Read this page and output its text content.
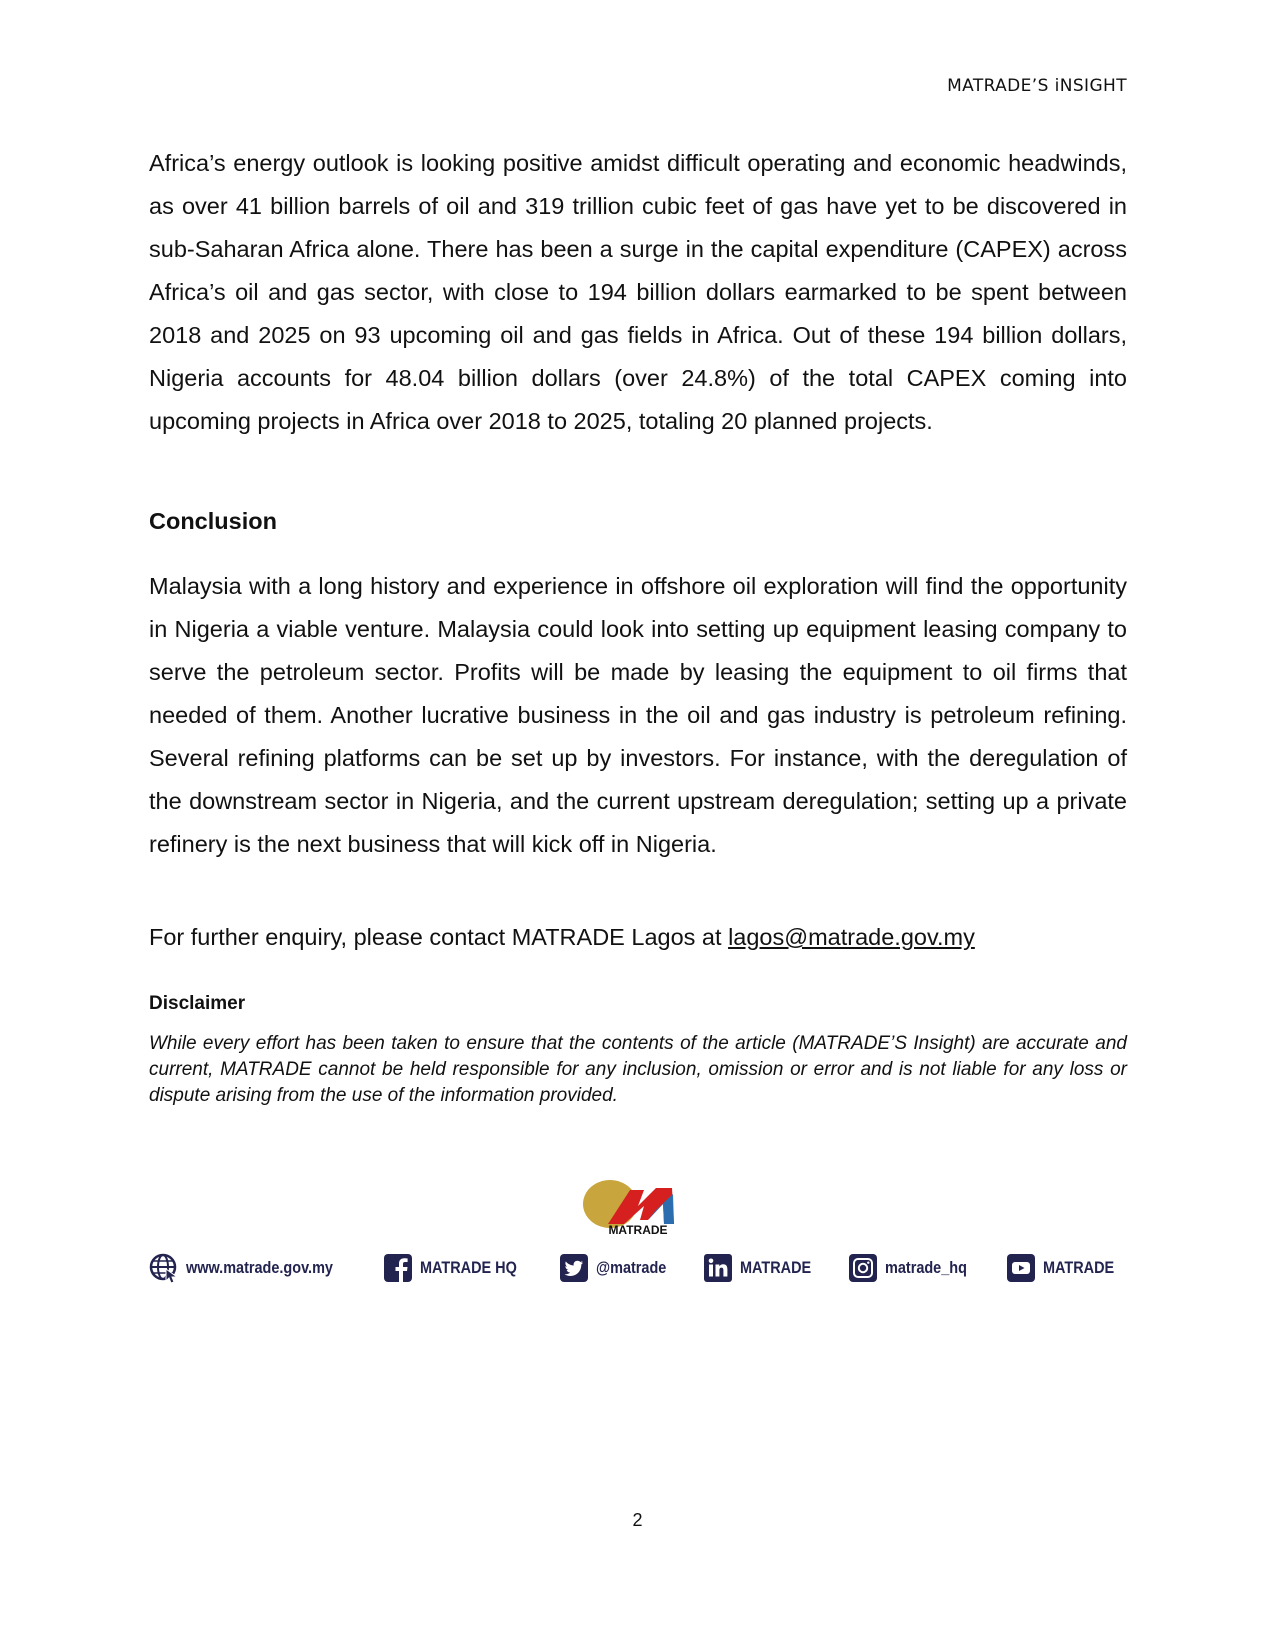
MATRADE’S iNSIGHT

Africa’s energy outlook is looking positive amidst difficult operating and economic headwinds, as over 41 billion barrels of oil and 319 trillion cubic feet of gas have yet to be discovered in sub-Saharan Africa alone. There has been a surge in the capital expenditure (CAPEX) across Africa’s oil and gas sector, with close to 194 billion dollars earmarked to be spent between 2018 and 2025 on 93 upcoming oil and gas fields in Africa. Out of these 194 billion dollars, Nigeria accounts for 48.04 billion dollars (over 24.8%) of the total CAPEX coming into upcoming projects in Africa over 2018 to 2025, totaling 20 planned projects.

Conclusion

Malaysia with a long history and experience in offshore oil exploration will find the opportunity in Nigeria a viable venture. Malaysia could look into setting up equipment leasing company to serve the petroleum sector. Profits will be made by leasing the equipment to oil firms that needed of them. Another lucrative business in the oil and gas industry is petroleum refining. Several refining platforms can be set up by investors. For instance, with the deregulation of the downstream sector in Nigeria, and the current upstream deregulation; setting up a private refinery is the next business that will kick off in Nigeria.

For further enquiry, please contact MATRADE Lagos at lagos@matrade.gov.my
Disclaimer

While every effort has been taken to ensure that the contents of the article (MATRADE’S Insight) are accurate and current, MATRADE cannot be held responsible for any inclusion, omission or error and is not liable for any loss or dispute arising from the use of the information provided.

MATRADE
www.matrade.gov.my	MATRADE HQ	@matrade	MATRADE	matrade_hq	MATRADE
2
